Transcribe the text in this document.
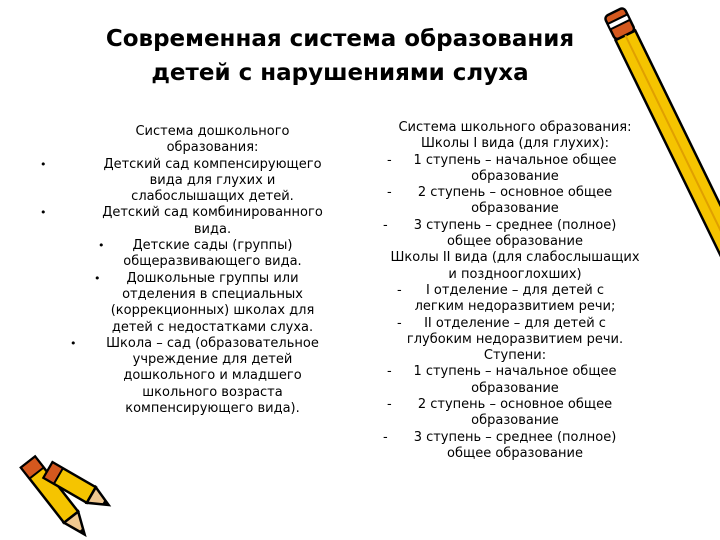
Современная система образования
детей с нарушениями слуха
Система дошкольного
образования:
•	Детский сад компенсирующего
вида для глухих и
слабослышащих детей.
•	Детский сад комбинированного
вида.
• Детские сады (группы)
общеразвивающего вида.
• Дошкольные группы или
отделения в специальных
(коррекционных) школах для
детей с недостатками слуха.
• Школа – сад (образовательное
учреждение для детей
дошкольного и младшего
школьного возраста
компенсирующего вида).
Система школьного образования:
Школы I вида (для глухих):
- 1 ступень – начальное общее
образование
- 2 ступень – основное общее
образование
- 3 ступень – среднее (полное)
общее образование
Школы II вида (для слабослышащих
и позднооглохших)
- I отделение – для детей с
легким недоразвитием речи;
- II отделение – для детей с
глубоким недоразвитием речи.
Ступени:
- 1 ступень – начальное общее
образование
- 2 ступень – основное общее
образование
- 3 ступень – среднее (полное)
общее образование
